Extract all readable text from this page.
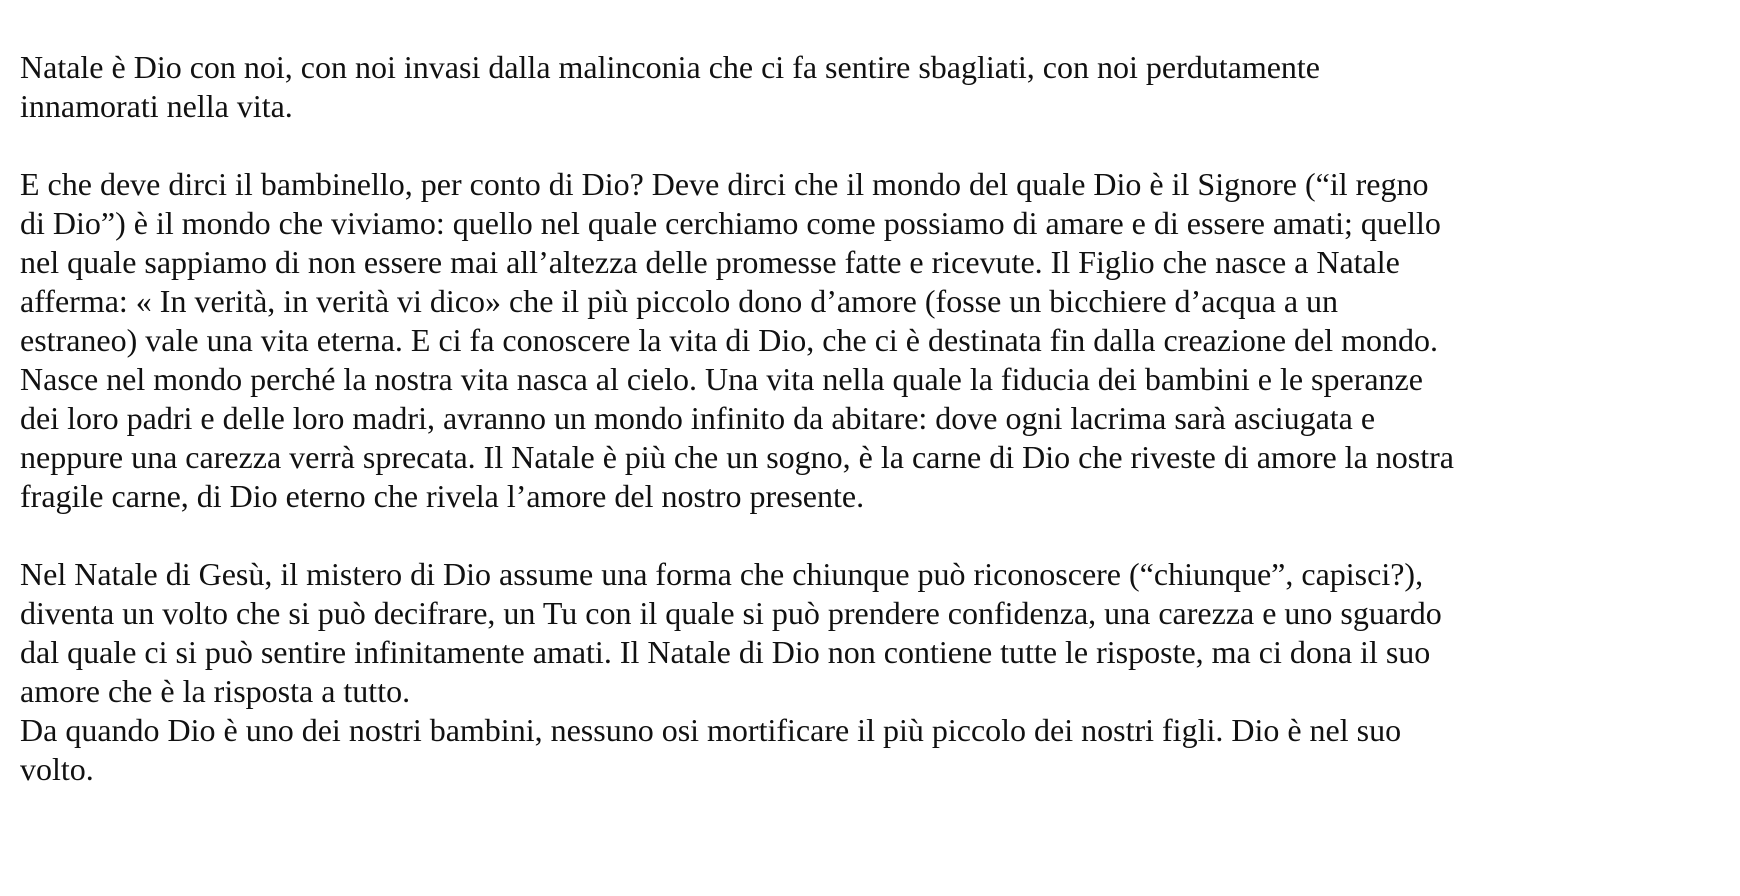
Natale è Dio con noi, con noi invasi dalla malinconia che ci fa sentire sbagliati, con noi perdutamente
innamorati nella vita.

E che deve dirci il bambinello, per conto di Dio? Deve dirci che il mondo del quale Dio è il Signore (“il regno
di Dio”) è il mondo che viviamo: quello nel quale cerchiamo come possiamo di amare e di essere amati; quello
nel quale sappiamo di non essere mai all’altezza delle promesse fatte e ricevute. Il Figlio che nasce a Natale
afferma: « In verità, in verità vi dico» che il più piccolo dono d’amore (fosse un bicchiere d’acqua a un
estraneo) vale una vita eterna. E ci fa conoscere la vita di Dio, che ci è destinata fin dalla creazione del mondo.
Nasce nel mondo perché la nostra vita nasca al cielo. Una vita nella quale la fiducia dei bambini e le speranze
dei loro padri e delle loro madri, avranno un mondo infinito da abitare: dove ogni lacrima sarà asciugata e
neppure una carezza verrà sprecata. Il Natale è più che un sogno, è la carne di Dio che riveste di amore la nostra
fragile carne, di Dio eterno che rivela l’amore del nostro presente.

Nel Natale di Gesù, il mistero di Dio assume una forma che chiunque può riconoscere (“chiunque”, capisci?),
diventa un volto che si può decifrare, un Tu con il quale si può prendere confidenza, una carezza e uno sguardo
dal quale ci si può sentire infinitamente amati. Il Natale di Dio non contiene tutte le risposte, ma ci dona il suo
amore che è la risposta a tutto.

Da quando Dio è uno dei nostri bambini, nessuno osi mortificare il più piccolo dei nostri figli. Dio è nel suo
volto.
